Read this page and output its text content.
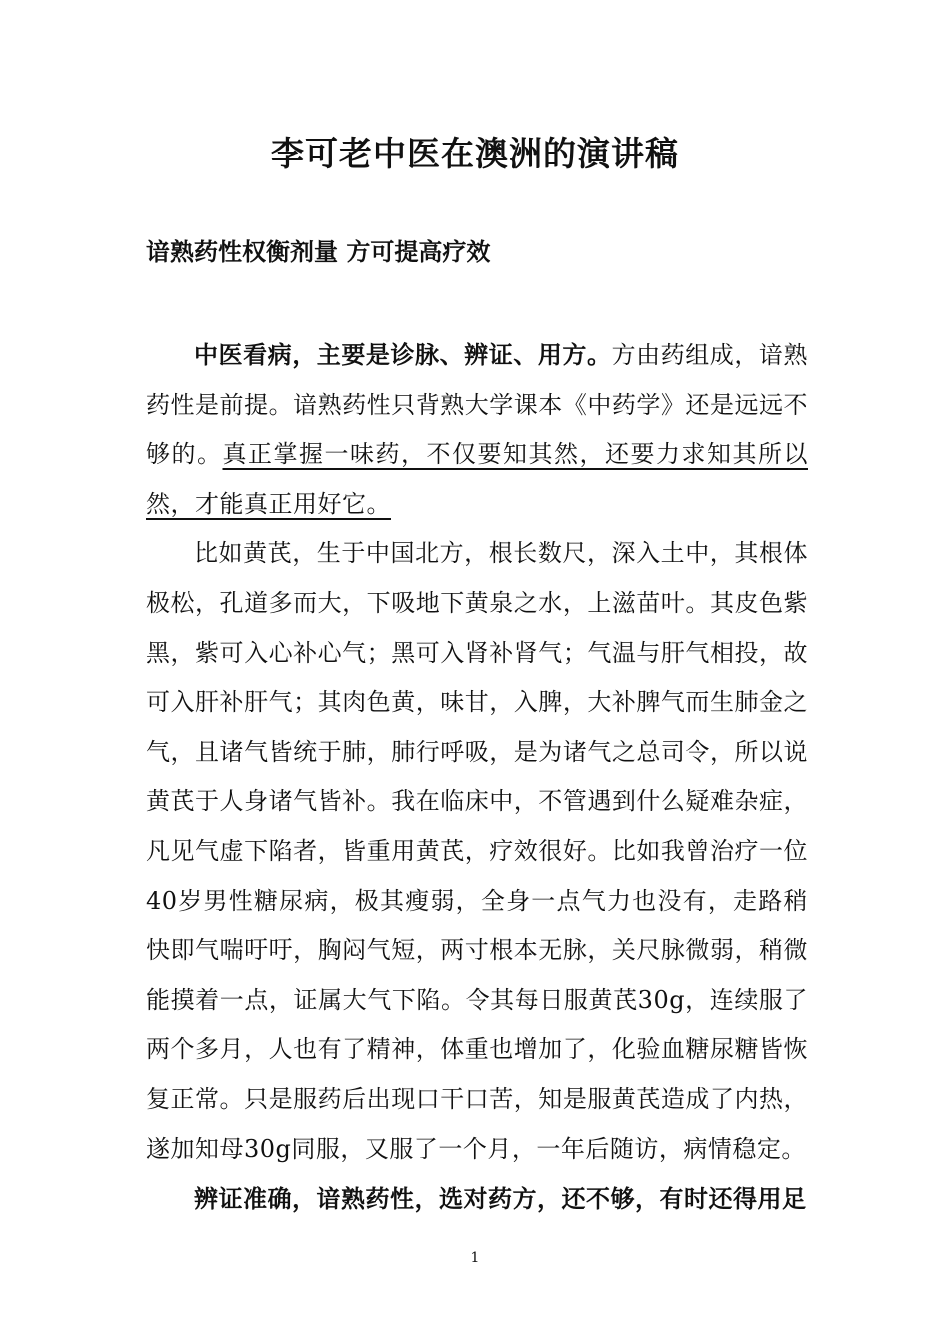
李可老中医在澳洲的演讲稿
谙熟药性权衡剂量 方可提高疗效

中医看病，主要是诊脉、辨证、用方。方由药组成，谙熟药性是前提。谙熟药性只背熟大学课本《中药学》还是远远不够的。真正掌握一味药，不仅要知其然，还要力求知其所以然，才能真正用好它。

比如黄芪，生于中国北方，根长数尺，深入土中，其根体极松，孔道多而大，下吸地下黄泉之水，上滋苗叶。其皮色紫黑，紫可入心补心气；黑可入肾补肾气；气温与肝气相投，故可入肝补肝气；其肉色黄，味甘，入脾，大补脾气而生肺金之气，且诸气皆统于肺，肺行呼吸，是为诸气之总司令，所以说黄芪于人身诸气皆补。我在临床中，不管遇到什么疑难杂症，凡见气虚下陷者，皆重用黄芪，疗效很好。比如我曾治疗一位40岁男性糖尿病，极其瘦弱，全身一点气力也没有，走路稍快即气喘吁吁，胸闷气短，两寸根本无脉，关尺脉微弱，稍微能摸着一点，证属大气下陷。令其每日服黄芪30g，连续服了两个多月，人也有了精神，体重也增加了，化验血糖尿糖皆恢复正常。只是服药后出现口干口苦，知是服黄芪造成了内热，遂加知母30g同服，又服了一个月，一年后随访，病情稳定。

辨证准确，谙熟药性，选对药方，还不够，有时还得用足

1
